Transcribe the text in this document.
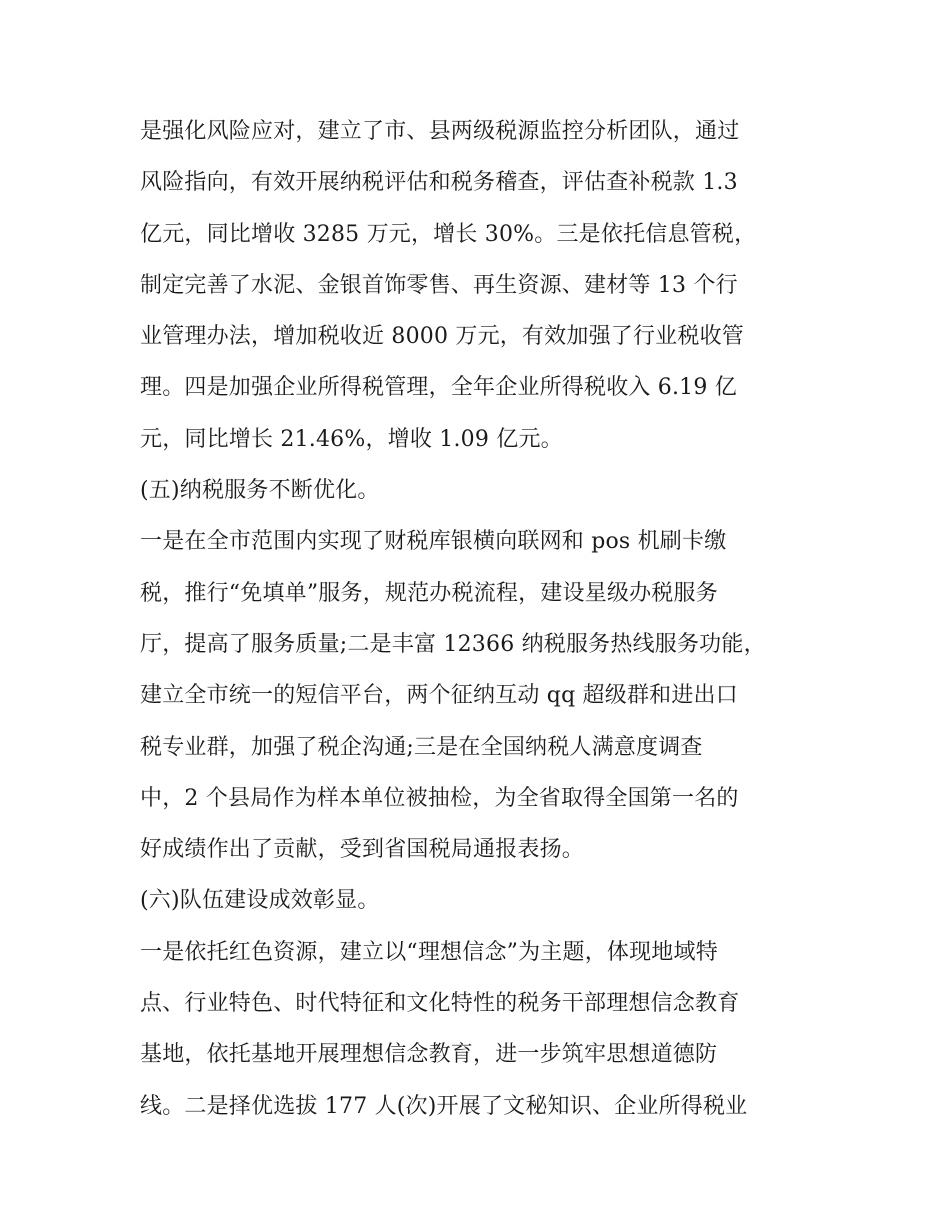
是强化风险应对，建立了市、县两级税源监控分析团队，通过
风险指向，有效开展纳税评估和税务稽查，评估查补税款 1.3
亿元，同比增收 3285 万元，增长 30%。三是依托信息管税，
制定完善了水泥、金银首饰零售、再生资源、建材等 13 个行
业管理办法，增加税收近 8000 万元，有效加强了行业税收管
理。四是加强企业所得税管理，全年企业所得税收入 6.19 亿
元，同比增长 21.46%，增收 1.09 亿元。
(五)纳税服务不断优化。
一是在全市范围内实现了财税库银横向联网和 pos 机刷卡缴
税，推行“免填单”服务，规范办税流程，建设星级办税服务
厅，提高了服务质量;二是丰富 12366 纳税服务热线服务功能，
建立全市统一的短信平台，两个征纳互动 qq 超级群和进出口
税专业群，加强了税企沟通;三是在全国纳税人满意度调查
中，2 个县局作为样本单位被抽检，为全省取得全国第一名的
好成绩作出了贡献，受到省国税局通报表扬。
(六)队伍建设成效彰显。
一是依托红色资源，建立以“理想信念”为主题，体现地域特
点、行业特色、时代特征和文化特性的税务干部理想信念教育
基地，依托基地开展理想信念教育，进一步筑牢思想道德防
线。二是择优选拔 177 人(次)开展了文秘知识、企业所得税业
